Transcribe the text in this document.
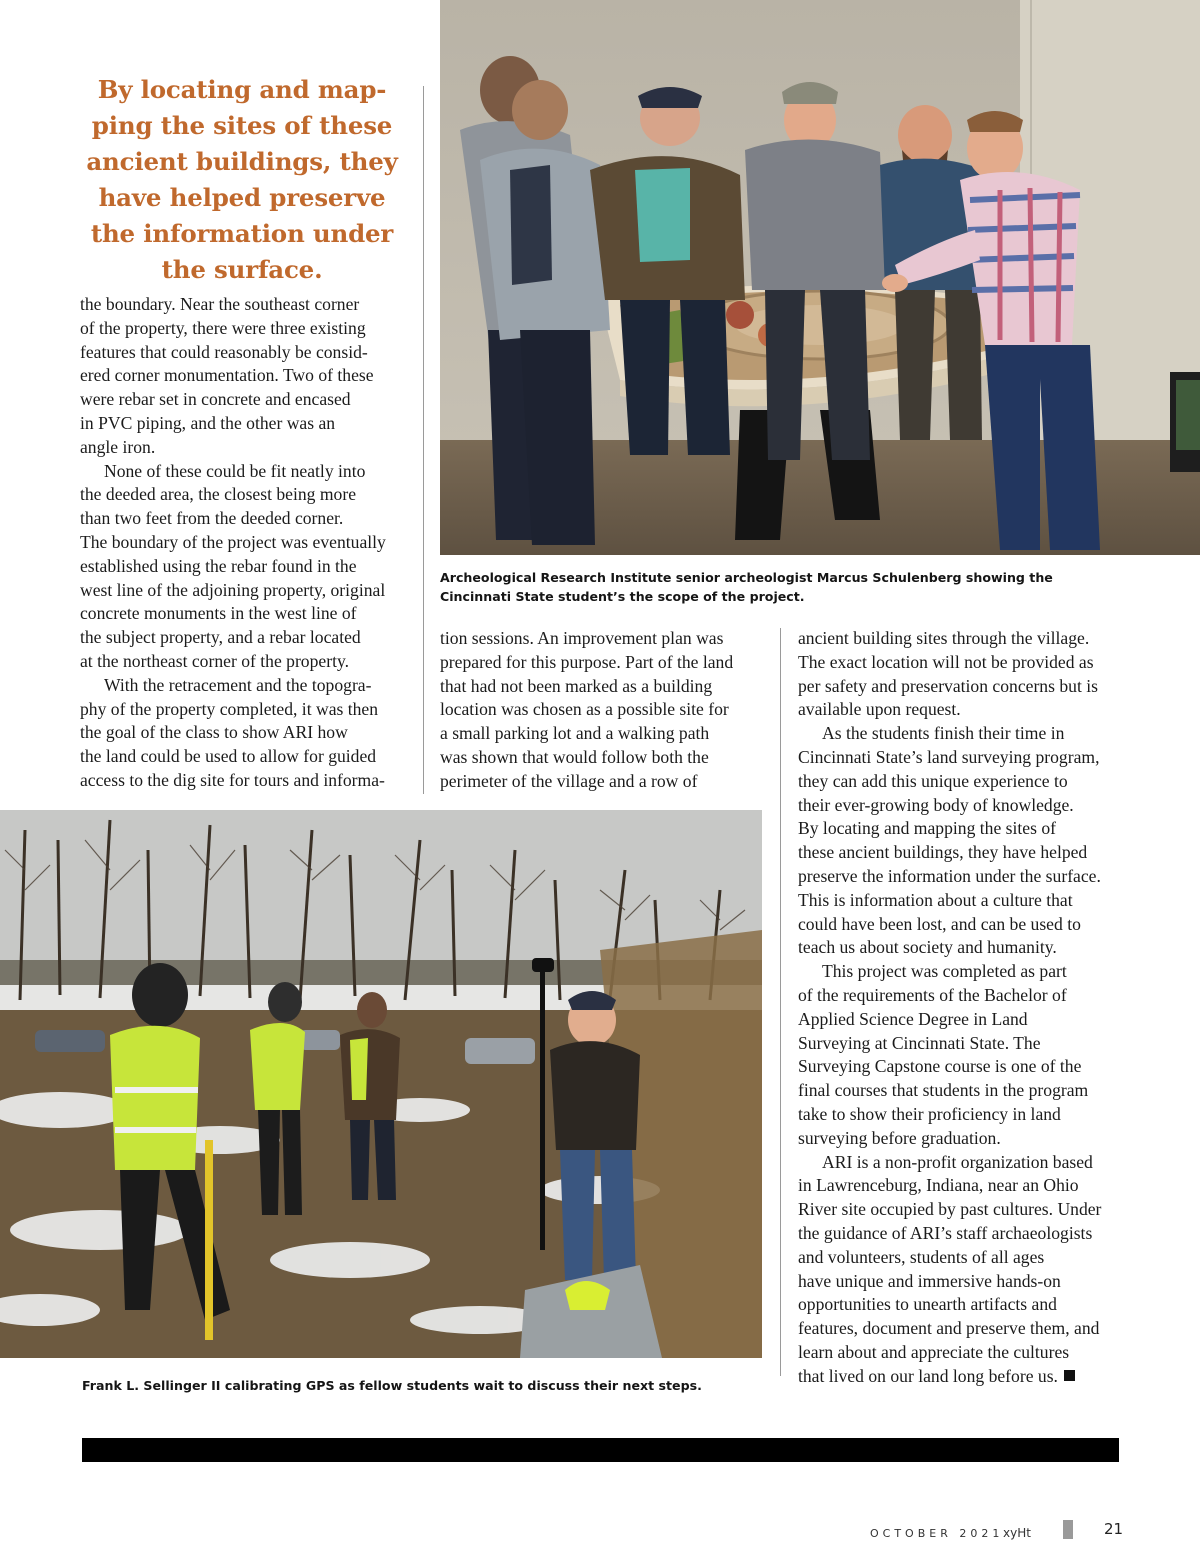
By locating and map-
ping the sites of these
ancient buildings, they
have helped preserve
the information under
the surface.
Archeological Research Institute senior archeologist Marcus Schulenberg showing the
Cincinnati State student’s the scope of the project.
Frank L. Sellinger II calibrating GPS as fellow students wait to discuss their next steps.
the boundary. Near the southeast corner
of the property, there were three existing
features that could reasonably be consid-
ered corner monumentation. Two of these
were rebar set in concrete and encased
in PVC piping, and the other was an
angle iron.
None of these could be fit neatly into
the deeded area, the closest being more
than two feet from the deeded corner.
The boundary of the project was eventually
established using the rebar found in the
west line of the adjoining property, original
concrete monuments in the west line of
the subject property, and a rebar located
at the northeast corner of the property.
With the retracement and the topogra-
phy of the property completed, it was then
the goal of the class to show ARI how
the land could be used to allow for guided
access to the dig site for tours and informa-
tion sessions. An improvement plan was
prepared for this purpose. Part of the land
that had not been marked as a building
location was chosen as a possible site for
a small parking lot and a walking path
was shown that would follow both the
perimeter of the village and a row of
ancient building sites through the village.
The exact location will not be provided as
per safety and preservation concerns but is
available upon request.
As the students finish their time in
Cincinnati State’s land surveying program,
they can add this unique experience to
their ever-growing body of knowledge.
By locating and mapping the sites of
these ancient buildings, they have helped
preserve the information under the surface.
This is information about a culture that
could have been lost, and can be used to
teach us about society and humanity.
This project was completed as part
of the requirements of the Bachelor of
Applied Science Degree in Land
Surveying at Cincinnati State. The
Surveying Capstone course is one of the
final courses that students in the program
take to show their proficiency in land
surveying before graduation.
ARI is a non-profit organization based
in Lawrenceburg, Indiana, near an Ohio
River site occupied by past cultures. Under
the guidance of ARI’s staff archaeologists
and volunteers, students of all ages
have unique and immersive hands-on
opportunities to unearth artifacts and
features, document and preserve them, and
learn about and appreciate the cultures
that lived on our land long before us.
OCTOBER 2021 xyHt	21
